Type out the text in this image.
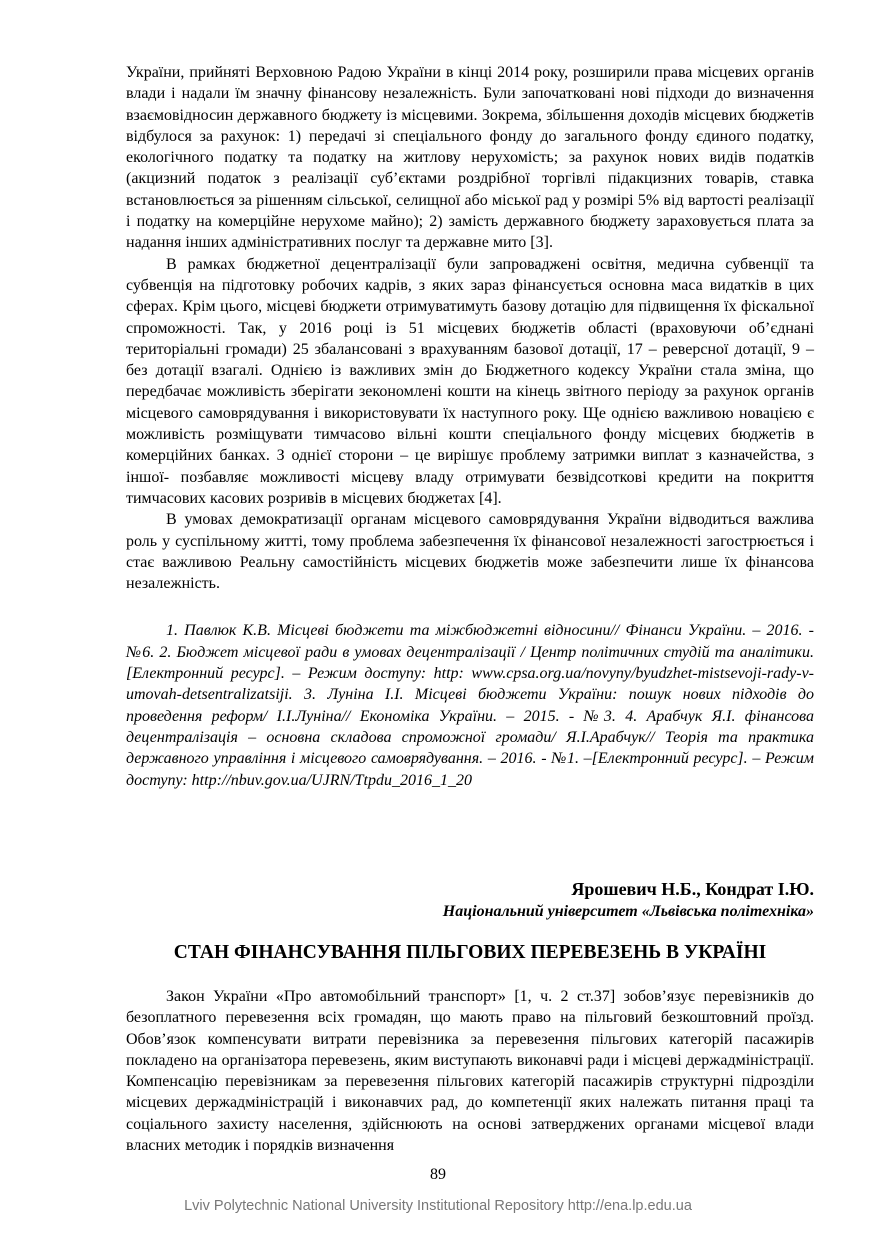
України, прийняті Верховною Радою України в кінці 2014 року, розширили права місцевих органів влади і надали їм значну фінансову незалежність. Були започатковані нові підходи до визначення взаємовідносин державного бюджету із місцевими. Зокрема, збільшення доходів місцевих бюджетів відбулося за рахунок: 1) передачі зі спеціального фонду до загального фонду єдиного податку, екологічного податку та податку на житлову нерухомість; за рахунок нових видів податків (акцизний податок з реалізації суб’єктами роздрібної торгівлі підакцизних товарів, ставка встановлюється за рішенням сільської, селищної або міської рад у розмірі 5% від вартості реалізації і податку на комерційне нерухоме майно); 2) замість державного бюджету зараховується плата за надання інших адміністративних послуг та державне мито [3].

В рамках бюджетної децентралізації були запроваджені освітня, медична субвенції та субвенція на підготовку робочих кадрів, з яких зараз фінансується основна маса видатків в цих сферах. Крім цього, місцеві бюджети отримуватимуть базову дотацію для підвищення їх фіскальної спроможності. Так, у 2016 році із 51 місцевих бюджетів області (враховуючи об’єднані територіальні громади) 25 збалансовані з врахуванням базової дотації, 17 – реверсної дотації, 9 – без дотації взагалі. Однією із важливих змін до Бюджетного кодексу України стала зміна, що передбачає можливість зберігати зекономлені кошти на кінець звітного періоду за рахунок органів місцевого самоврядування і використовувати їх наступного року. Ще однією важливою новацією є можливість розміщувати тимчасово вільні кошти спеціального фонду місцевих бюджетів в комерційних банках. З однієї сторони – це вирішує проблему затримки виплат з казначейства, з іншої- позбавляє можливості місцеву владу отримувати безвідсоткові кредити на покриття тимчасових касових розривів в місцевих бюджетах [4].

В умовах демократизації органам місцевого самоврядування України відводиться важлива роль у суспільному житті, тому проблема забезпечення їх фінансової незалежності загострюється і стає важливою Реальну самостійність місцевих бюджетів може забезпечити лише їх фінансова незалежність.

1. Павлюк К.В. Місцеві бюджети та міжбюджетні відносини// Фінанси України. – 2016. - №6. 2. Бюджет місцевої ради в умовах децентралізації / Центр політичних студій та аналітики. [Електронний ресурс]. – Режим доступу: http: www.cpsa.org.ua/novyny/byudzhet-mistsevoji-rady-v-umovah-detsentralizatsiji. 3. Луніна І.І. Місцеві бюджети України: пошук нових підходів до проведення реформ/ І.І.Луніна// Економіка України. – 2015. - №3. 4. Арабчук Я.І. фінансова децентралізація – основна складова спроможної громади/ Я.І.Арабчук// Теорія та практика державного управління і місцевого самоврядування. – 2016. - №1. –[Електронний ресурс]. – Режим доступу: http://nbuv.gov.ua/UJRN/Ttpdu_2016_1_20

Ярошевич Н.Б., Кондрат І.Ю.

Національний університет «Львівська політехніка»

СТАН ФІНАНСУВАННЯ ПІЛЬГОВИХ ПЕРЕВЕЗЕНЬ В УКРАЇНІ

Закон України «Про автомобільний транспорт» [1, ч. 2 ст.37] зобов’язує перевізників до безоплатного перевезення всіх громадян, що мають право на пільговий безкоштовний проїзд. Обов’язок компенсувати витрати перевізника за перевезення пільгових категорій пасажирів покладено на організатора перевезень, яким виступають виконавчі ради і місцеві держадміністрації. Компенсацію перевізникам за перевезення пільгових категорій пасажирів структурні підрозділи місцевих держадміністрацій і виконавчих рад, до компетенції яких належать питання праці та соціального захисту населення, здійснюють на основі затверджених органами місцевої влади власних методик і порядків визначення

89
Lviv Polytechnic National University Institutional Repository http://ena.lp.edu.ua
